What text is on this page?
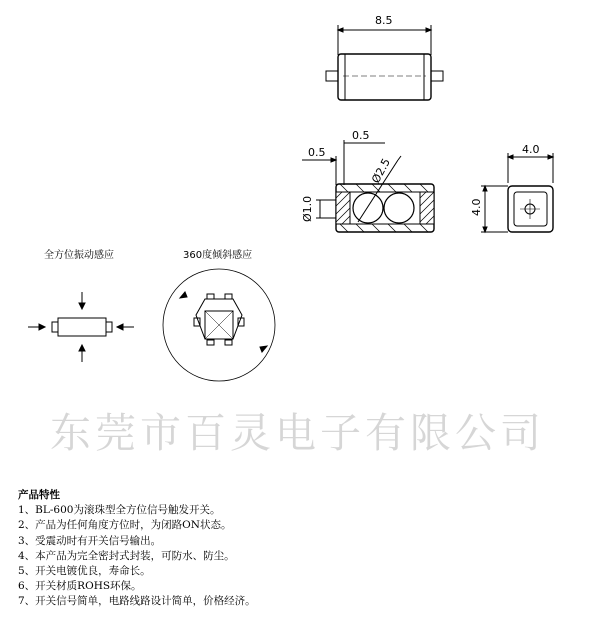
8.5
0.5
0.5
Ø1.0
Ø2.5
4.0
4.0
全方位振动感应	360度倾斜感应
东莞市百灵电子有限公司
产品特性
1、BL-600为滚珠型全方位信号触发开关。
2、产品为任何角度方位时，为闭路ON状态。
3、受震动时有开关信号输出。
4、本产品为完全密封式封装，可防水、防尘。
5、开关电镀优良，寿命长。
6、开关材质ROHS环保。
7、开关信号简单，电路线路设计简单，价格经济。
